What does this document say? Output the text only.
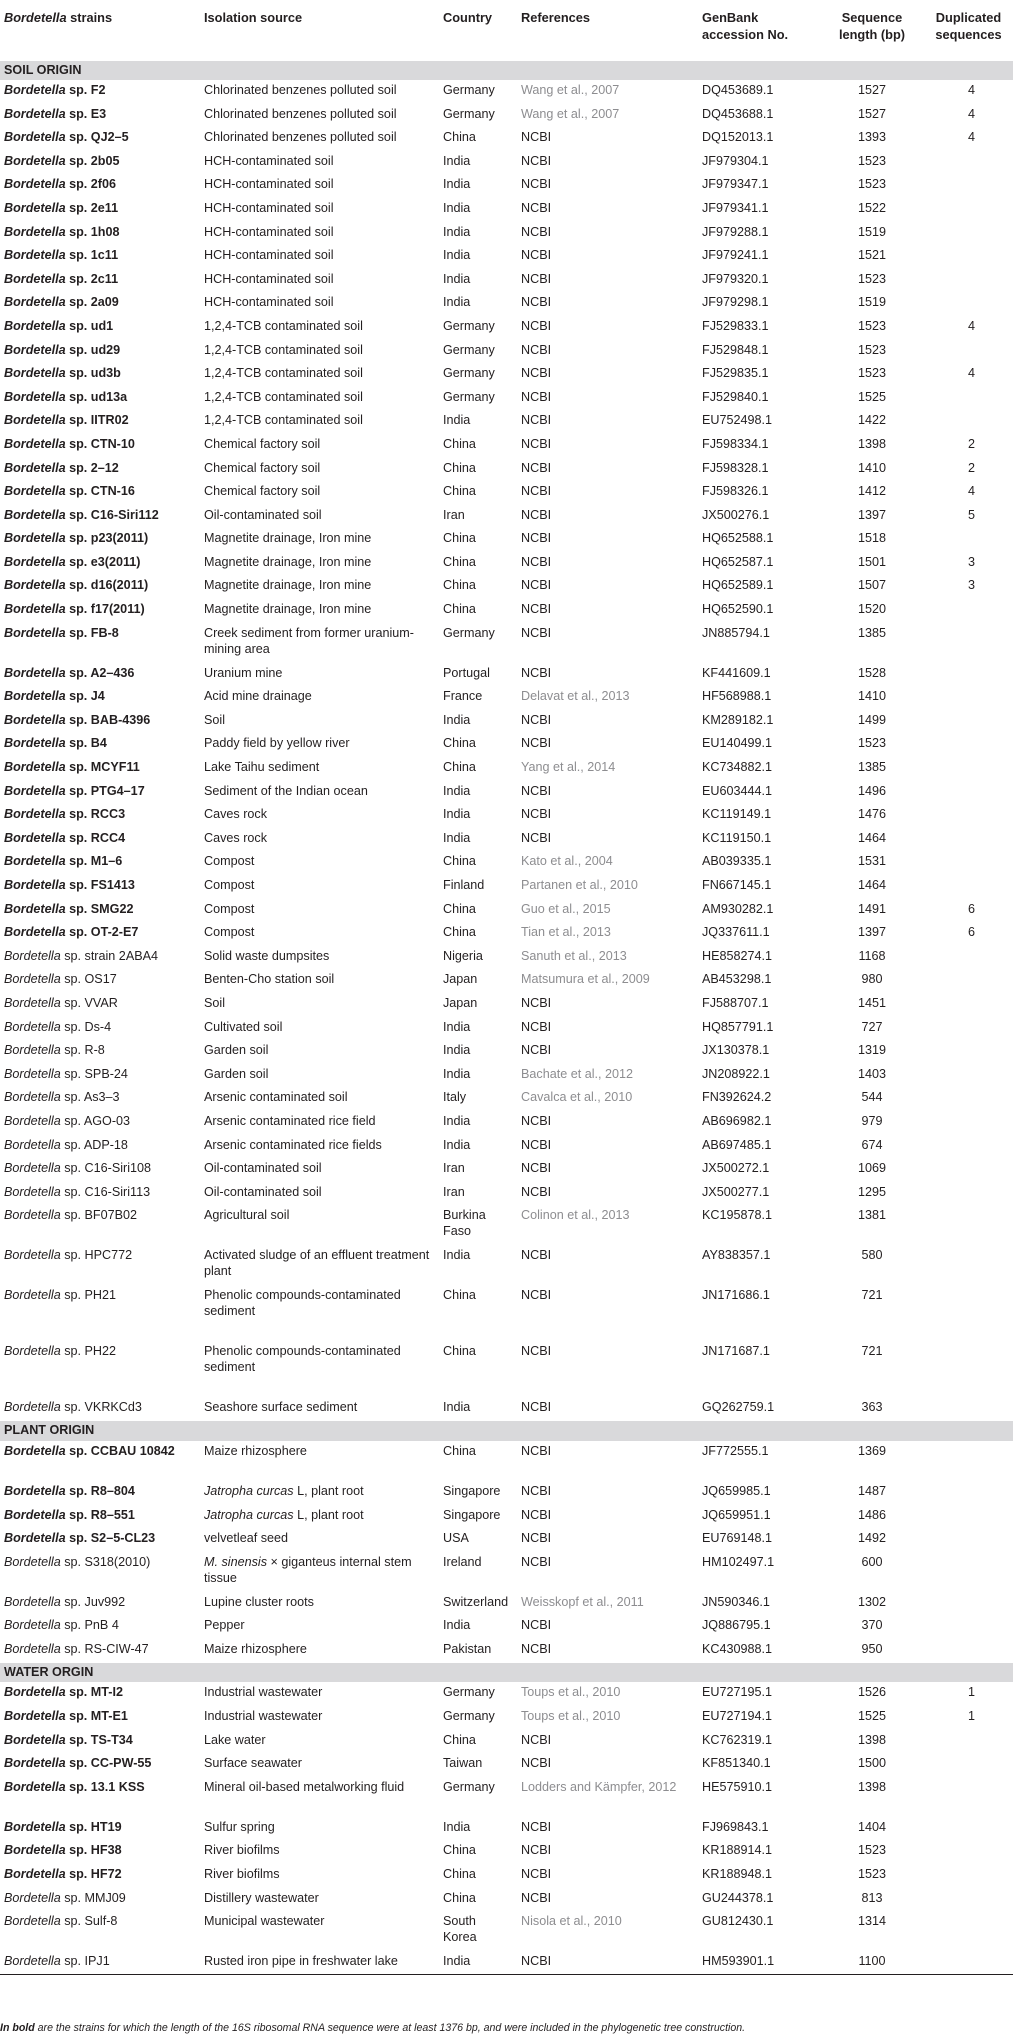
Bordetella strains	Isolation source	Country	References	GenBank accession No.	Sequence length (bp)	Duplicated sequences
SOIL ORIGIN						
Bordetella sp. F2	Chlorinated benzenes polluted soil	Germany	Wang et al., 2007	DQ453689.1	1527	4
Bordetella sp. E3	Chlorinated benzenes polluted soil	Germany	Wang et al., 2007	DQ453688.1	1527	4
Bordetella sp. QJ2–5	Chlorinated benzenes polluted soil	China	NCBI	DQ152013.1	1393	4
Bordetella sp. 2b05	HCH-contaminated soil	India	NCBI	JF979304.1	1523	
Bordetella sp. 2f06	HCH-contaminated soil	India	NCBI	JF979347.1	1523	
Bordetella sp. 2e11	HCH-contaminated soil	India	NCBI	JF979341.1	1522	
Bordetella sp. 1h08	HCH-contaminated soil	India	NCBI	JF979288.1	1519	
Bordetella sp. 1c11	HCH-contaminated soil	India	NCBI	JF979241.1	1521	
Bordetella sp. 2c11	HCH-contaminated soil	India	NCBI	JF979320.1	1523	
Bordetella sp. 2a09	HCH-contaminated soil	India	NCBI	JF979298.1	1519	
Bordetella sp. ud1	1,2,4-TCB contaminated soil	Germany	NCBI	FJ529833.1	1523	4
Bordetella sp. ud29	1,2,4-TCB contaminated soil	Germany	NCBI	FJ529848.1	1523	
Bordetella sp. ud3b	1,2,4-TCB contaminated soil	Germany	NCBI	FJ529835.1	1523	4
Bordetella sp. ud13a	1,2,4-TCB contaminated soil	Germany	NCBI	FJ529840.1	1525	
Bordetella sp. IITR02	1,2,4-TCB contaminated soil	India	NCBI	EU752498.1	1422	
Bordetella sp. CTN-10	Chemical factory soil	China	NCBI	FJ598334.1	1398	2
Bordetella sp. 2–12	Chemical factory soil	China	NCBI	FJ598328.1	1410	2
Bordetella sp. CTN-16	Chemical factory soil	China	NCBI	FJ598326.1	1412	4
Bordetella sp. C16-Siri112	Oil-contaminated soil	Iran	NCBI	JX500276.1	1397	5
Bordetella sp. p23(2011)	Magnetite drainage, Iron mine	China	NCBI	HQ652588.1	1518	
Bordetella sp. e3(2011)	Magnetite drainage, Iron mine	China	NCBI	HQ652587.1	1501	3
Bordetella sp. d16(2011)	Magnetite drainage, Iron mine	China	NCBI	HQ652589.1	1507	3
Bordetella sp. f17(2011)	Magnetite drainage, Iron mine	China	NCBI	HQ652590.1	1520	
Bordetella sp. FB-8	Creek sediment from former uranium-mining area	Germany	NCBI	JN885794.1	1385	
Bordetella sp. A2–436	Uranium mine	Portugal	NCBI	KF441609.1	1528	
Bordetella sp. J4	Acid mine drainage	France	Delavat et al., 2013	HF568988.1	1410	
Bordetella sp. BAB-4396	Soil	India	NCBI	KM289182.1	1499	
Bordetella sp. B4	Paddy field by yellow river	China	NCBI	EU140499.1	1523	
Bordetella sp. MCYF11	Lake Taihu sediment	China	Yang et al., 2014	KC734882.1	1385	
Bordetella sp. PTG4–17	Sediment of the Indian ocean	India	NCBI	EU603444.1	1496	
Bordetella sp. RCC3	Caves rock	India	NCBI	KC119149.1	1476	
Bordetella sp. RCC4	Caves rock	India	NCBI	KC119150.1	1464	
Bordetella sp. M1–6	Compost	China	Kato et al., 2004	AB039335.1	1531	
Bordetella sp. FS1413	Compost	Finland	Partanen et al., 2010	FN667145.1	1464	
Bordetella sp. SMG22	Compost	China	Guo et al., 2015	AM930282.1	1491	6
Bordetella sp. OT-2-E7	Compost	China	Tian et al., 2013	JQ337611.1	1397	6
Bordetella sp. strain 2ABA4	Solid waste dumpsites	Nigeria	Sanuth et al., 2013	HE858274.1	1168	
Bordetella sp. OS17	Benten-Cho station soil	Japan	Matsumura et al., 2009	AB453298.1	980	
Bordetella sp. VVAR	Soil	Japan	NCBI	FJ588707.1	1451	
Bordetella sp. Ds-4	Cultivated soil	India	NCBI	HQ857791.1	727	
Bordetella sp. R-8	Garden soil	India	NCBI	JX130378.1	1319	
Bordetella sp. SPB-24	Garden soil	India	Bachate et al., 2012	JN208922.1	1403	
Bordetella sp. As3–3	Arsenic contaminated soil	Italy	Cavalca et al., 2010	FN392624.2	544	
Bordetella sp. AGO-03	Arsenic contaminated rice field	India	NCBI	AB696982.1	979	
Bordetella sp. ADP-18	Arsenic contaminated rice fields	India	NCBI	AB697485.1	674	
Bordetella sp. C16-Siri108	Oil-contaminated soil	Iran	NCBI	JX500272.1	1069	
Bordetella sp. C16-Siri113	Oil-contaminated soil	Iran	NCBI	JX500277.1	1295	
Bordetella sp. BF07B02	Agricultural soil	Burkina Faso	Colinon et al., 2013	KC195878.1	1381	
Bordetella sp. HPC772	Activated sludge of an effluent treatment plant	India	NCBI	AY838357.1	580	
Bordetella sp. PH21	Phenolic compounds-contaminated sediment	China	NCBI	JN171686.1	721	
Bordetella sp. PH22	Phenolic compounds-contaminated sediment	China	NCBI	JN171687.1	721	
Bordetella sp. VKRKCd3	Seashore surface sediment	India	NCBI	GQ262759.1	363	
PLANT ORIGIN						
Bordetella sp. CCBAU 10842	Maize rhizosphere	China	NCBI	JF772555.1	1369	
Bordetella sp. R8–804	Jatropha curcas L, plant root	Singapore	NCBI	JQ659985.1	1487	
Bordetella sp. R8–551	Jatropha curcas L, plant root	Singapore	NCBI	JQ659951.1	1486	
Bordetella sp. S2–5-CL23	velvetleaf seed	USA	NCBI	EU769148.1	1492	
Bordetella sp. S318(2010)	M. sinensis × giganteus internal stem tissue	Ireland	NCBI	HM102497.1	600	
Bordetella sp. Juv992	Lupine cluster roots	Switzerland	Weisskopf et al., 2011	JN590346.1	1302	
Bordetella sp. PnB 4	Pepper	India	NCBI	JQ886795.1	370	
Bordetella sp. RS-CIW-47	Maize rhizosphere	Pakistan	NCBI	KC430988.1	950	
WATER ORGIN						
Bordetella sp. MT-I2	Industrial wastewater	Germany	Toups et al., 2010	EU727195.1	1526	1
Bordetella sp. MT-E1	Industrial wastewater	Germany	Toups et al., 2010	EU727194.1	1525	1
Bordetella sp. TS-T34	Lake water	China	NCBI	KC762319.1	1398	
Bordetella sp. CC-PW-55	Surface seawater	Taiwan	NCBI	KF851340.1	1500	
Bordetella sp. 13.1 KSS	Mineral oil-based metalworking fluid	Germany	Lodders and Kämpfer, 2012	HE575910.1	1398	
Bordetella sp. HT19	Sulfur spring	India	NCBI	FJ969843.1	1404	
Bordetella sp. HF38	River biofilms	China	NCBI	KR188914.1	1523	
Bordetella sp. HF72	River biofilms	China	NCBI	KR188948.1	1523	
Bordetella sp. MMJ09	Distillery wastewater	China	NCBI	GU244378.1	813	
Bordetella sp. Sulf-8	Municipal wastewater	South Korea	Nisola et al., 2010	GU812430.1	1314	
Bordetella sp. IPJ1	Rusted iron pipe in freshwater lake	India	NCBI	HM593901.1	1100	
In bold are the strains for which the length of the 16S ribosomal RNA sequence were at least 1376 bp, and were included in the phylogenetic tree construction.
